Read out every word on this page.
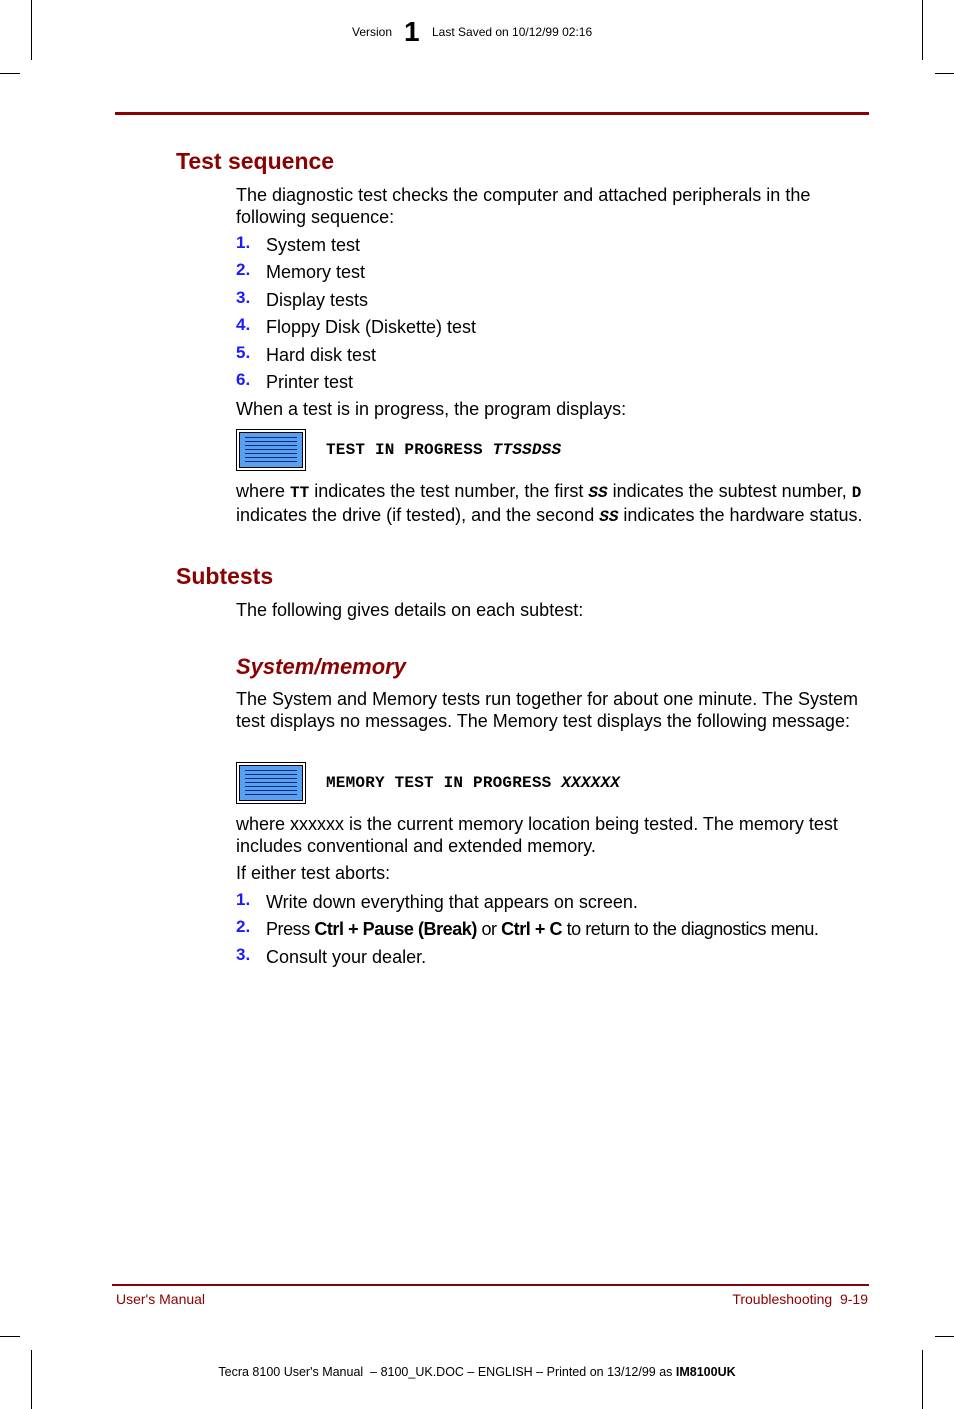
Version 1 Last Saved on 10/12/99 02:16
Test sequence

The diagnostic test checks the computer and attached peripherals in the following sequence:

1. System test
2. Memory test
3. Display tests
4. Floppy Disk (Diskette) test
5. Hard disk test
6. Printer test

When a test is in progress, the program displays:

TEST IN PROGRESS TTSSDSS

where TT indicates the test number, the first SS indicates the subtest number, D indicates the drive (if tested), and the second SS indicates the hardware status.

Subtests

The following gives details on each subtest:

System/memory

The System and Memory tests run together for about one minute. The System test displays no messages. The Memory test displays the following message:

MEMORY TEST IN PROGRESS XXXXXX

where xxxxxx is the current memory location being tested. The memory test includes conventional and extended memory.

If either test aborts:

1. Write down everything that appears on screen.
2. Press Ctrl + Pause (Break) or Ctrl + C to return to the diagnostics menu.
3. Consult your dealer.
User's Manual	Troubleshooting  9-19
Tecra 8100 User's Manual  – 8100_UK.DOC – ENGLISH – Printed on 13/12/99 as IM8100UK
